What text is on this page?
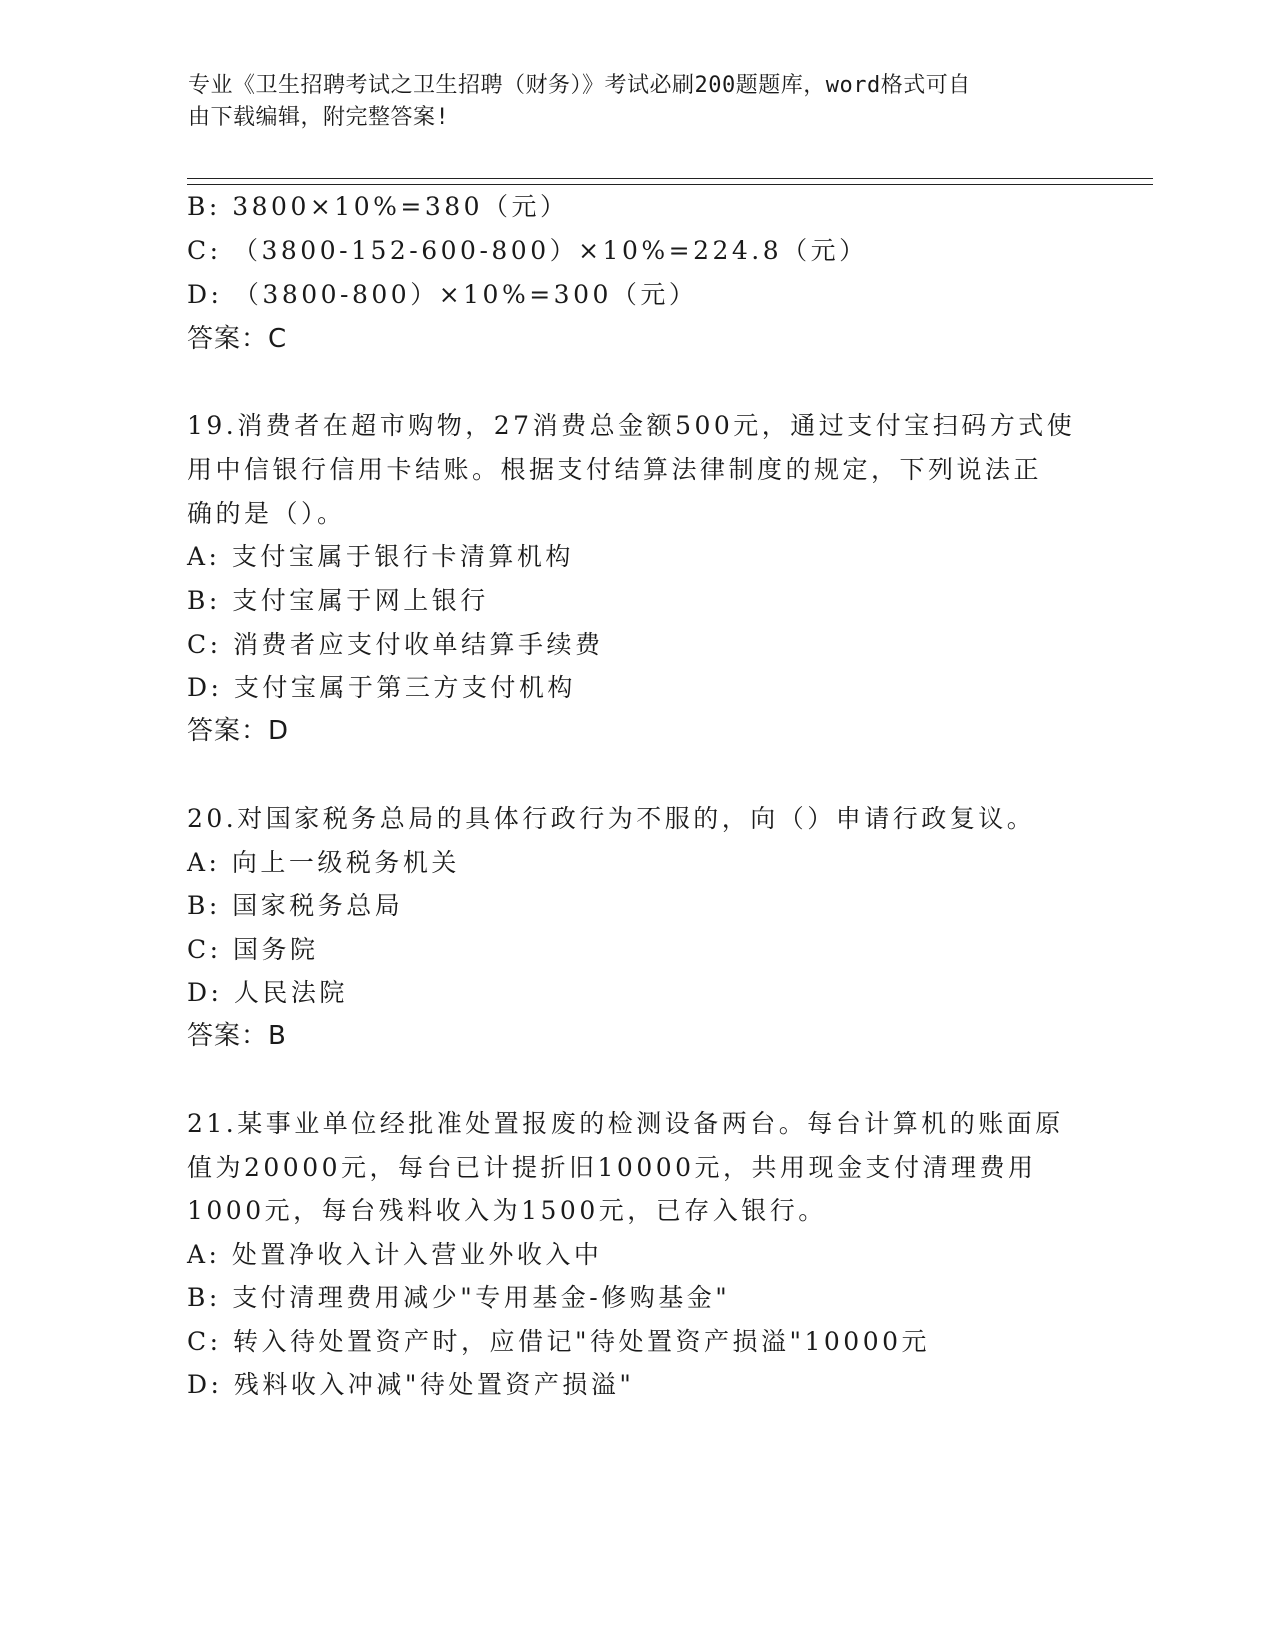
专业《卫生招聘考试之卫生招聘（财务）》考试必刷200题题库，word格式可自
由下载编辑，附完整答案!
B: 3800×10%=380（元）
C: （3800-152-600-800）×10%=224.8（元）
D: （3800-800）×10%=300（元）
答案：C
19.消费者在超市购物，27消费总金额500元，通过支付宝扫码方式使
用中信银行信用卡结账。根据支付结算法律制度的规定，下列说法正
确的是（）。
A: 支付宝属于银行卡清算机构
B: 支付宝属于网上银行
C: 消费者应支付收单结算手续费
D: 支付宝属于第三方支付机构
答案：D
20.对国家税务总局的具体行政行为不服的，向（）申请行政复议。
A: 向上一级税务机关
B: 国家税务总局
C: 国务院
D: 人民法院
答案：B
21.某事业单位经批准处置报废的检测设备两台。每台计算机的账面原
值为20000元，每台已计提折旧10000元，共用现金支付清理费用
1000元，每台残料收入为1500元，已存入银行。
A: 处置净收入计入营业外收入中
B: 支付清理费用减少"专用基金-修购基金"
C: 转入待处置资产时，应借记"待处置资产损溢"10000元
D: 残料收入冲减"待处置资产损溢"
